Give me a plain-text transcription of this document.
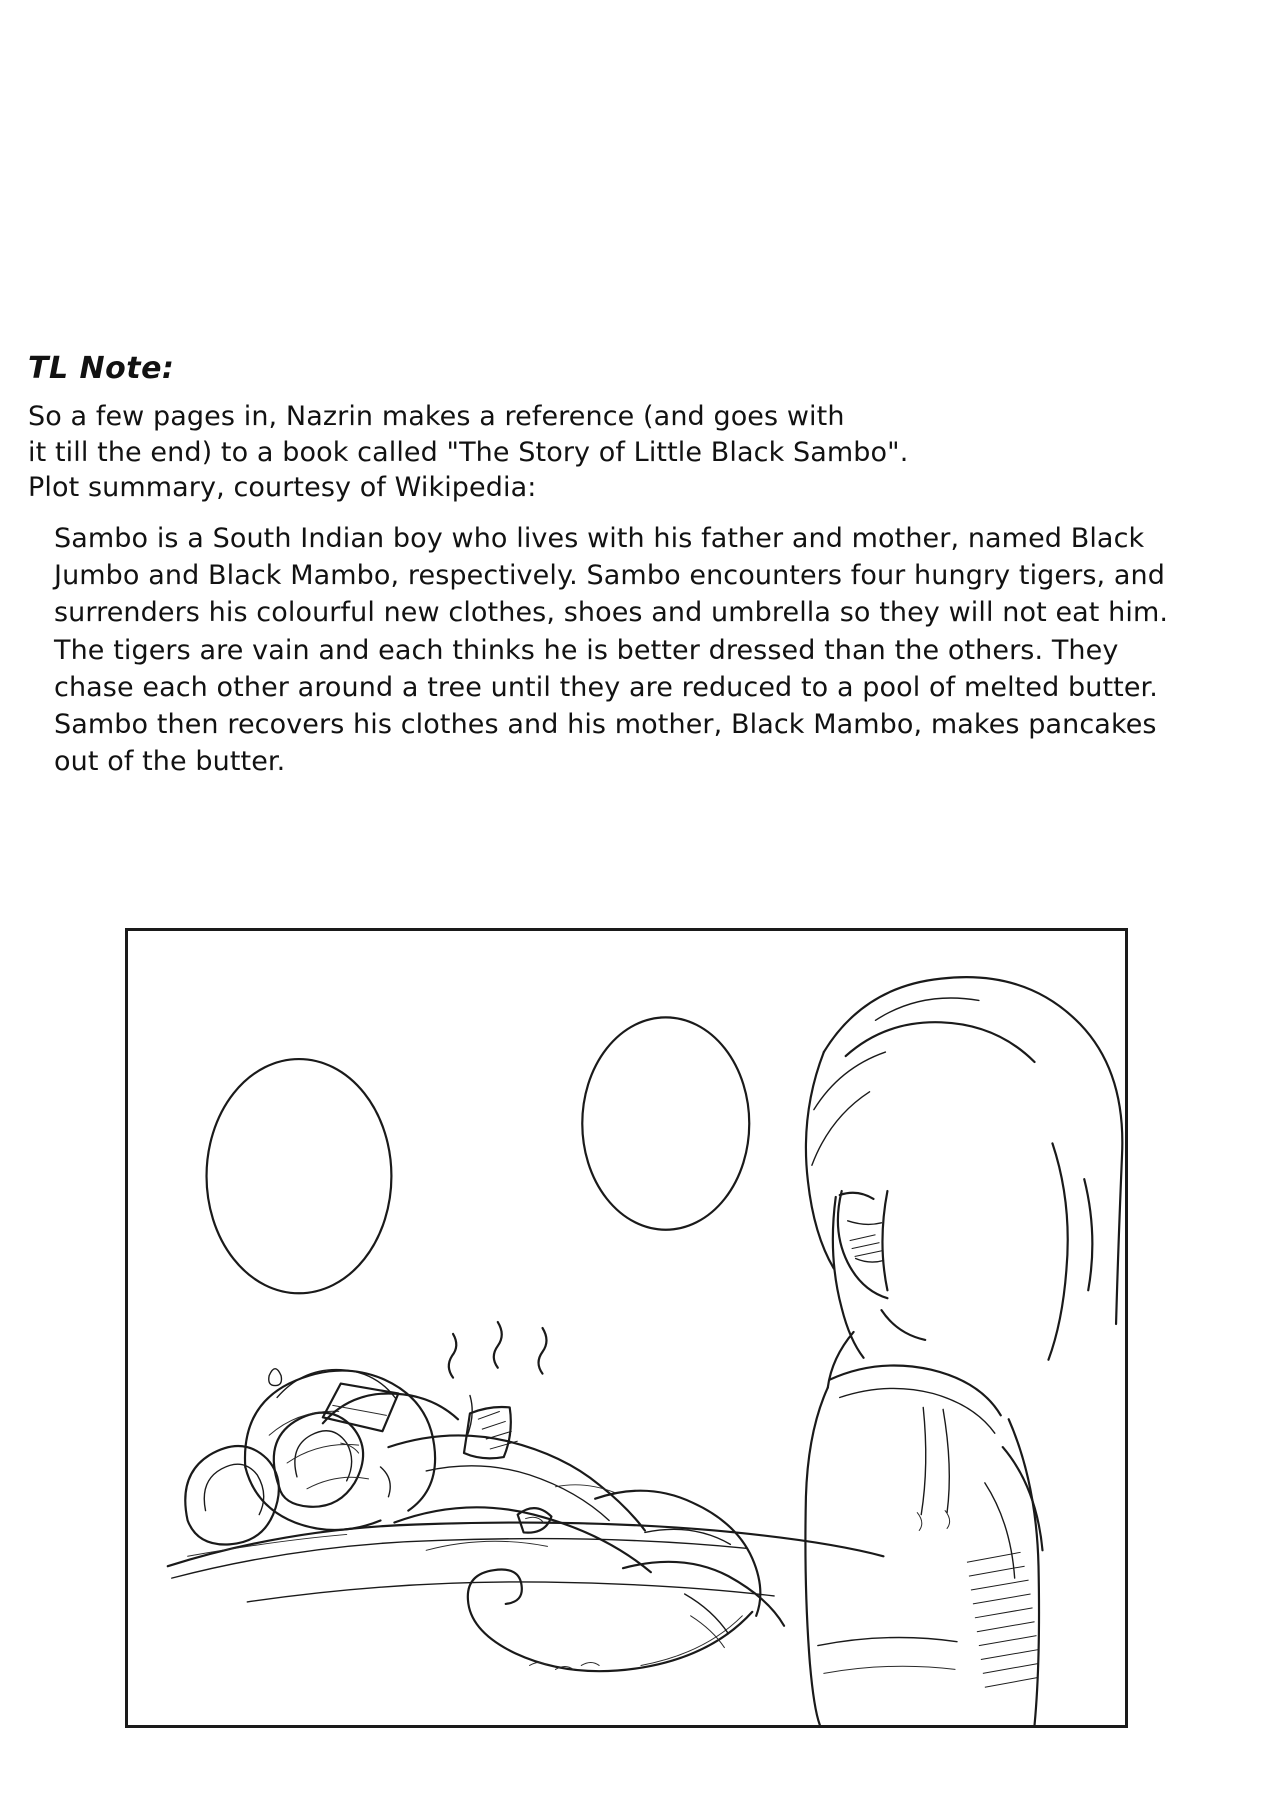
TL Note:

So a few pages in, Nazrin makes a reference (and goes with

it till the end) to a book called "The Story of Little Black Sambo".

Plot summary, courtesy of Wikipedia:

Sambo is a South Indian boy who lives with his father and mother, named Black Jumbo and Black Mambo, respectively. Sambo encounters four hungry tigers, and surrenders his colourful new clothes, shoes and umbrella so they will not eat him. The tigers are vain and each thinks he is better dressed than the others. They chase each other around a tree until they are reduced to a pool of melted butter. Sambo then recovers his clothes and his mother, Black Mambo, makes pancakes out of the butter.
